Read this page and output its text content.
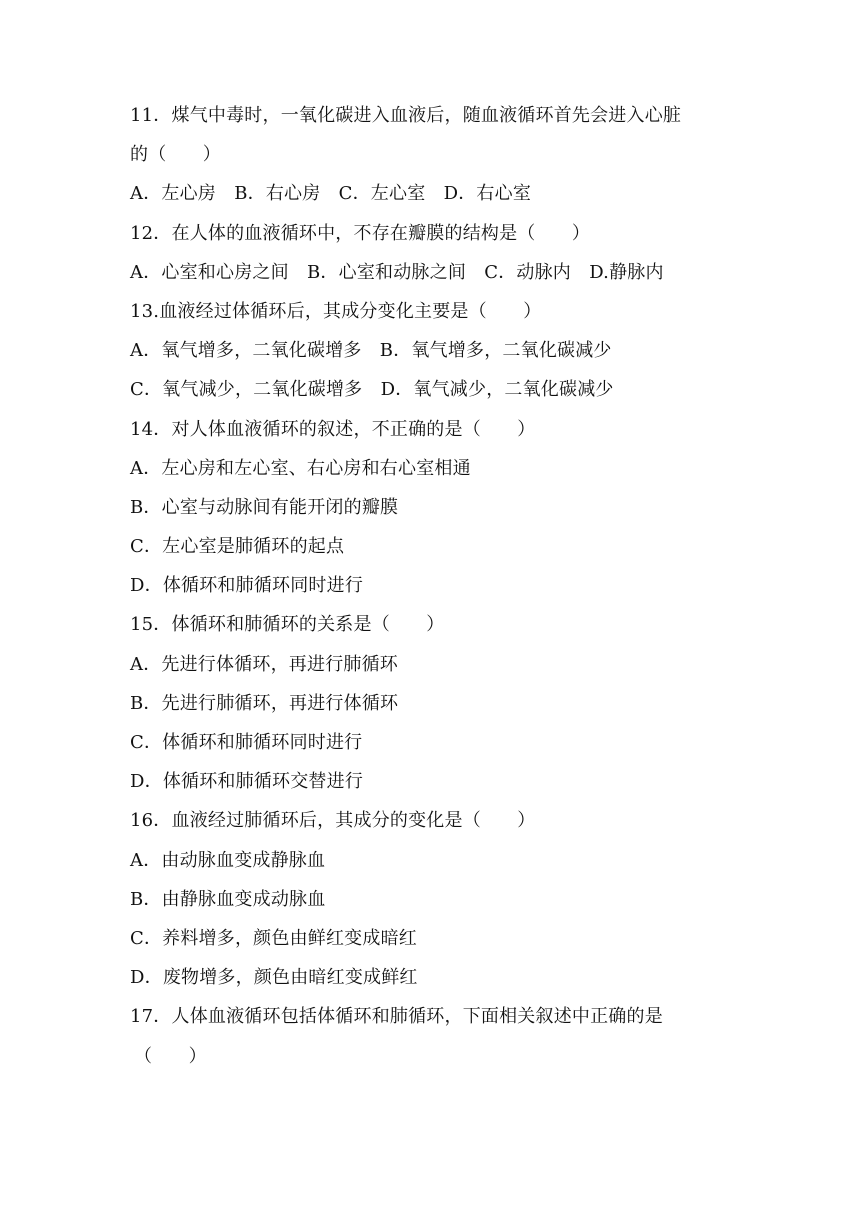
11．煤气中毒时，一氧化碳进入血液后，随血液循环首先会进入心脏
的（　　）
A．左心房　B．右心房　C．左心室　D．右心室
12．在人体的血液循环中，不存在瓣膜的结构是（　　）
A．心室和心房之间　B．心室和动脉之间　C．动脉内　D.静脉内
13.血液经过体循环后，其成分变化主要是（　　）
A．氧气增多，二氧化碳增多　B．氧气增多，二氧化碳减少
C．氧气减少，二氧化碳增多　D．氧气减少，二氧化碳减少
14．对人体血液循环的叙述，不正确的是（　　）
A．左心房和左心室、右心房和右心室相通
B．心室与动脉间有能开闭的瓣膜
C．左心室是肺循环的起点
D．体循环和肺循环同时进行
15．体循环和肺循环的关系是（　　）
A．先进行体循环，再进行肺循环
B．先进行肺循环，再进行体循环
C．体循环和肺循环同时进行
D．体循环和肺循环交替进行
16．血液经过肺循环后，其成分的变化是（　　）
A．由动脉血变成静脉血
B．由静脉血变成动脉血
C．养料增多，颜色由鲜红变成暗红
D．废物增多，颜色由暗红变成鲜红
17．人体血液循环包括体循环和肺循环，下面相关叙述中正确的是
（　　）
